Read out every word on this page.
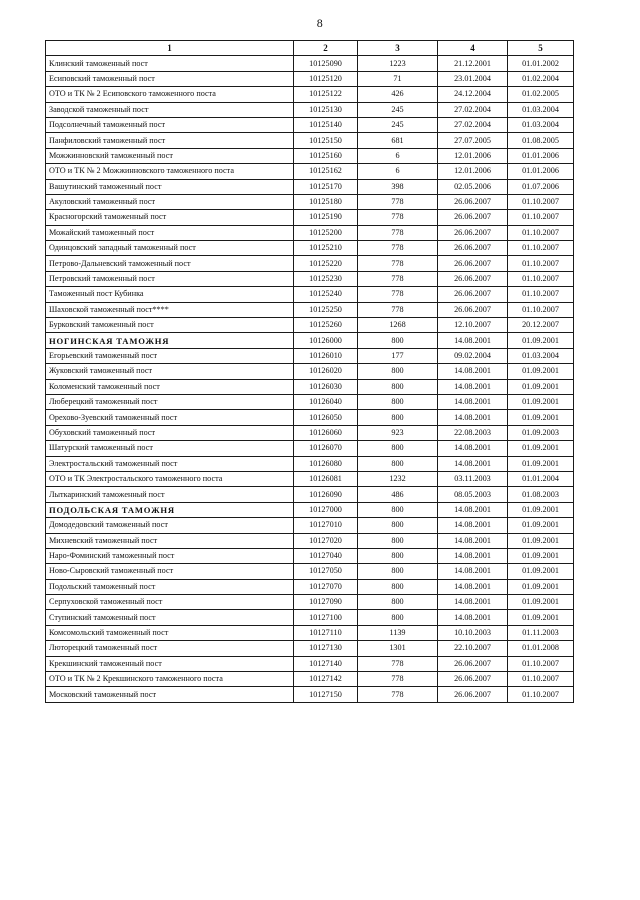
8
1	2	3	4	5
Клинский таможенный пост	10125090	1223	21.12.2001	01.01.2002
Есиповский таможенный пост	10125120	71	23.01.2004	01.02.2004
ОТО и ТК № 2 Есиповского таможенного поста	10125122	426	24.12.2004	01.02.2005
Заводской таможенный пост	10125130	245	27.02.2004	01.03.2004
Подсолнечный таможенный пост	10125140	245	27.02.2004	01.03.2004
Панфиловский таможенный пост	10125150	681	27.07.2005	01.08.2005
Можжинновский таможенный пост	10125160	6	12.01.2006	01.01.2006
ОТО и ТК № 2 Можжинновского таможенного поста	10125162	6	12.01.2006	01.01.2006
Вашутинский таможенный пост	10125170	398	02.05.2006	01.07.2006
Акуловский таможенный пост	10125180	778	26.06.2007	01.10.2007
Красногорский таможенный пост	10125190	778	26.06.2007	01.10.2007
Можайский таможенный пост	10125200	778	26.06.2007	01.10.2007
Одинцовский западный таможенный пост	10125210	778	26.06.2007	01.10.2007
Петрово-Дальневский таможенный пост	10125220	778	26.06.2007	01.10.2007
Петровский таможенный пост	10125230	778	26.06.2007	01.10.2007
Таможенный пост Кубинка	10125240	778	26.06.2007	01.10.2007
Шаховской таможенный пост****	10125250	778	26.06.2007	01.10.2007
Бурковский таможенный пост	10125260	1268	12.10.2007	20.12.2007
НОГИНСКАЯ ТАМОЖНЯ	10126000	800	14.08.2001	01.09.2001
Егорьевский таможенный пост	10126010	177	09.02.2004	01.03.2004
Жуковский таможенный пост	10126020	800	14.08.2001	01.09.2001
Коломенский таможенный пост	10126030	800	14.08.2001	01.09.2001
Люберецкий таможенный пост	10126040	800	14.08.2001	01.09.2001
Орехово-Зуевский таможенный пост	10126050	800	14.08.2001	01.09.2001
Обуховский таможенный пост	10126060	923	22.08.2003	01.09.2003
Шатурский таможенный пост	10126070	800	14.08.2001	01.09.2001
Электростальский таможенный пост	10126080	800	14.08.2001	01.09.2001
ОТО и ТК Электростальского таможенного поста	10126081	1232	03.11.2003	01.01.2004
Лыткаринский таможенный пост	10126090	486	08.05.2003	01.08.2003
ПОДОЛЬСКАЯ ТАМОЖНЯ	10127000	800	14.08.2001	01.09.2001
Домодедовский таможенный пост	10127010	800	14.08.2001	01.09.2001
Михневский таможенный пост	10127020	800	14.08.2001	01.09.2001
Наро-Фоминский таможенный пост	10127040	800	14.08.2001	01.09.2001
Ново-Сыровский таможенный пост	10127050	800	14.08.2001	01.09.2001
Подольский таможенный пост	10127070	800	14.08.2001	01.09.2001
Серпуховской таможенный пост	10127090	800	14.08.2001	01.09.2001
Ступинский таможенный пост	10127100	800	14.08.2001	01.09.2001
Комсомольский таможенный пост	10127110	1139	10.10.2003	01.11.2003
Люторецкий таможенный пост	10127130	1301	22.10.2007	01.01.2008
Крекшинский таможенный пост	10127140	778	26.06.2007	01.10.2007
ОТО и ТК № 2 Крекшинского таможенного поста	10127142	778	26.06.2007	01.10.2007
Московский таможенный пост	10127150	778	26.06.2007	01.10.2007
